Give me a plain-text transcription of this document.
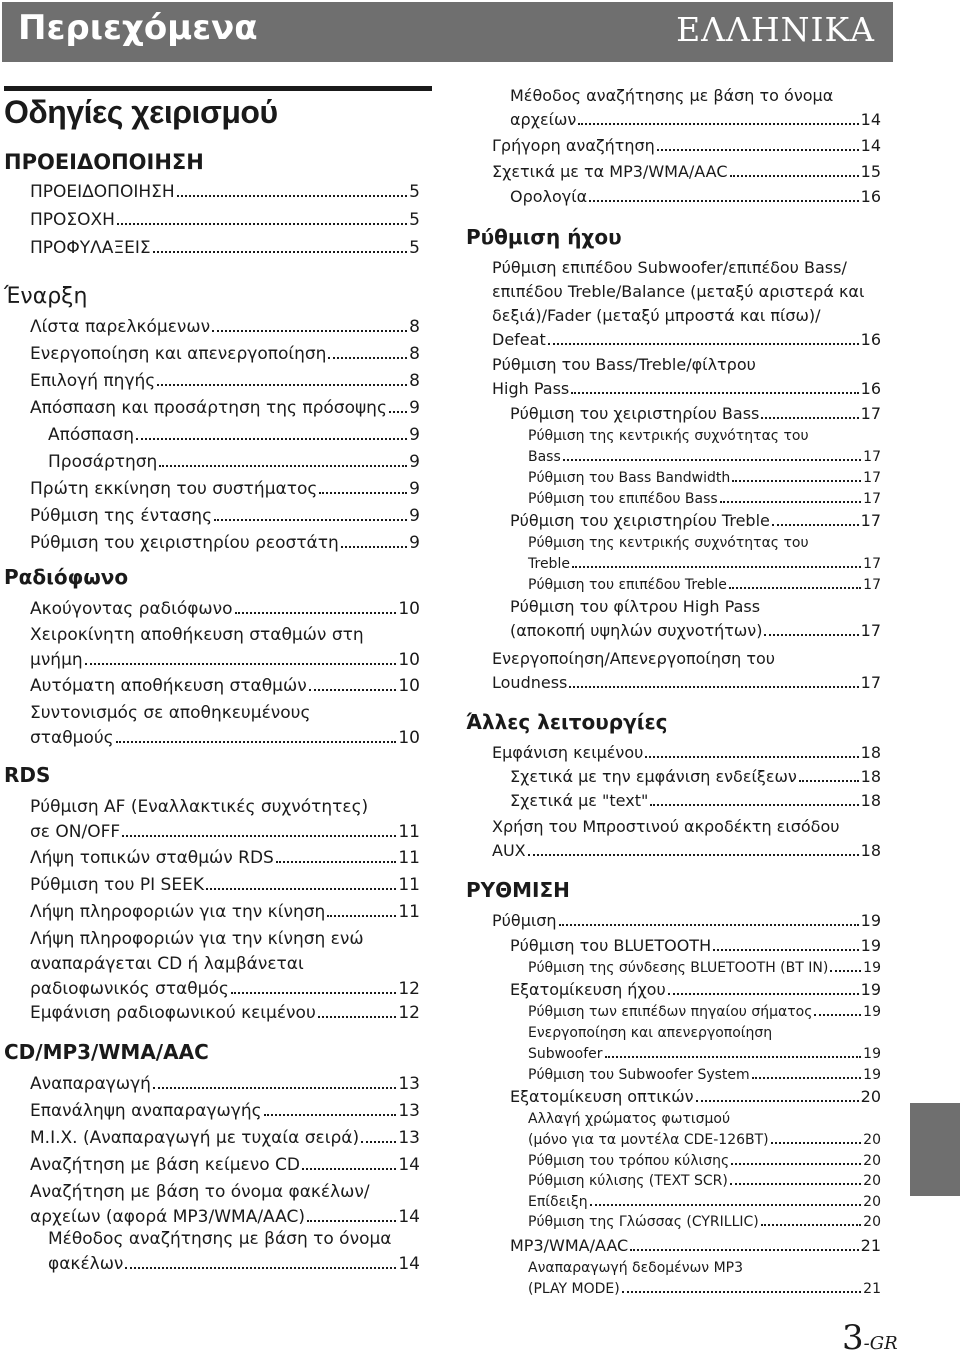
Περιεχόμενα	ΕΛΛΗΝΙΚΑ
Οδηγίες χειρισμού
ΠΡΟΕΙΔΟΠΟΙΗΣΗ
ΠΡΟΕΙΔΟΠΟΙΗΣΗ	5
ΠΡΟΣΟΧΗ	5
ΠΡΟΦΥΛΑΞΕΙΣ	5
Έναρξη
Λίστα παρελκόμενων	8
Ενεργοποίηση και απενεργοποίηση	8
Επιλογή πηγής	8
Απόσπαση και προσάρτηση της πρόσοψης 9
Απόσπαση	9
Προσάρτηση	9
Πρώτη εκκίνηση του συστήματος	9
Ρύθμιση της έντασης	9
Ρύθμιση του χειριστηρίου ρεοστάτη	9
Ραδιόφωνο
Ακούγοντας ραδιόφωνο	10
Χειροκίνητη αποθήκευση σταθμών στη
μνήμη	10
Αυτόματη αποθήκευση σταθμών	10
Συντονισμός σε αποθηκευμένους
σταθμούς	10
RDS
Ρύθμιση AF (Εναλλακτικές συχνότητες)
σε ON/OFF	11
Λήψη τοπικών σταθμών RDS	11
Ρύθμιση του PI SEEK	11
Λήψη πληροφοριών για την κίνηση	11
Λήψη πληροφοριών για την κίνηση ενώ
αναπαράγεται CD ή λαμβάνεται
ραδιοφωνικός σταθμός	12
Εμφάνιση ραδιοφωνικού κειμένου	12
CD/MP3/WMA/AAC
Αναπαραγωγή	13
Επανάληψη αναπαραγωγής	13
M.I.X. (Αναπαραγωγή με τυχαία σειρά) 13
Αναζήτηση με βάση κείμενο CD	14
Αναζήτηση με βάση το όνομα φακέλων/
αρχείων (αφορά MP3/WMA/AAC)	14
Μέθοδος αναζήτησης με βάση το όνομα
φακέλων	14
Μέθοδος αναζήτησης με βάση το όνομα
αρχείων	14
Γρήγορη αναζήτηση	14
Σχετικά με τα MP3/WMA/AAC	15
Ορολογία	16
Ρύθμιση ήχου
Ρύθμιση επιπέδου Subwoofer/επιπέδου Bass/
επιπέδου Treble/Balance (μεταξύ αριστερά και
δεξιά)/Fader (μεταξύ μπροστά και πίσω)/
Defeat	16
Ρύθμιση του Bass/Treble/φίλτρου
High Pass	16
Ρύθμιση του χειριστηρίου Bass	17
Ρύθμιση της κεντρικής συχνότητας του
Bass	17
Ρύθμιση του Bass Bandwidth	17
Ρύθμιση του επιπέδου Bass	17
Ρύθμιση του χειριστηρίου Treble	17
Ρύθμιση της κεντρικής συχνότητας του
Treble	17
Ρύθμιση του επιπέδου Treble	17
Ρύθμιση του φίλτρου High Pass
(αποκοπή υψηλών συχνοτήτων)	17
Ενεργοποίηση/Απενεργοποίηση του
Loudness	17
Άλλες λειτουργίες
Εμφάνιση κειμένου	18
Σχετικά με την εμφάνιση ενδείξεων	18
Σχετικά με "text"	18
Χρήση του Μπροστινού ακροδέκτη εισόδου
AUX	18
ΡΥΘΜΙΣΗ
Ρύθμιση	19
Ρύθμιση του BLUETOOTH	19
Ρύθμιση της σύνδεσης BLUETOOTH (BT IN) 19
Εξατομίκευση ήχου	19
Ρύθμιση των επιπέδων πηγαίου σήματος	19
Ενεργοποίηση και απενεργοποίηση
Subwoofer	19
Ρύθμιση του Subwoofer System	19
Εξατομίκευση οπτικών	20
Αλλαγή χρώματος φωτισμού
(μόνο για τα μοντέλα CDE-126BT)	20
Ρύθμιση του τρόπου κύλισης	20
Ρύθμιση κύλισης (TEXT SCR)	20
Επίδειξη	20
Ρύθμιση της Γλώσσας (CYRILLIC)	20
MP3/WMA/AAC	21
Αναπαραγωγή δεδομένων MP3
(PLAY MODE)	21
3-GR
